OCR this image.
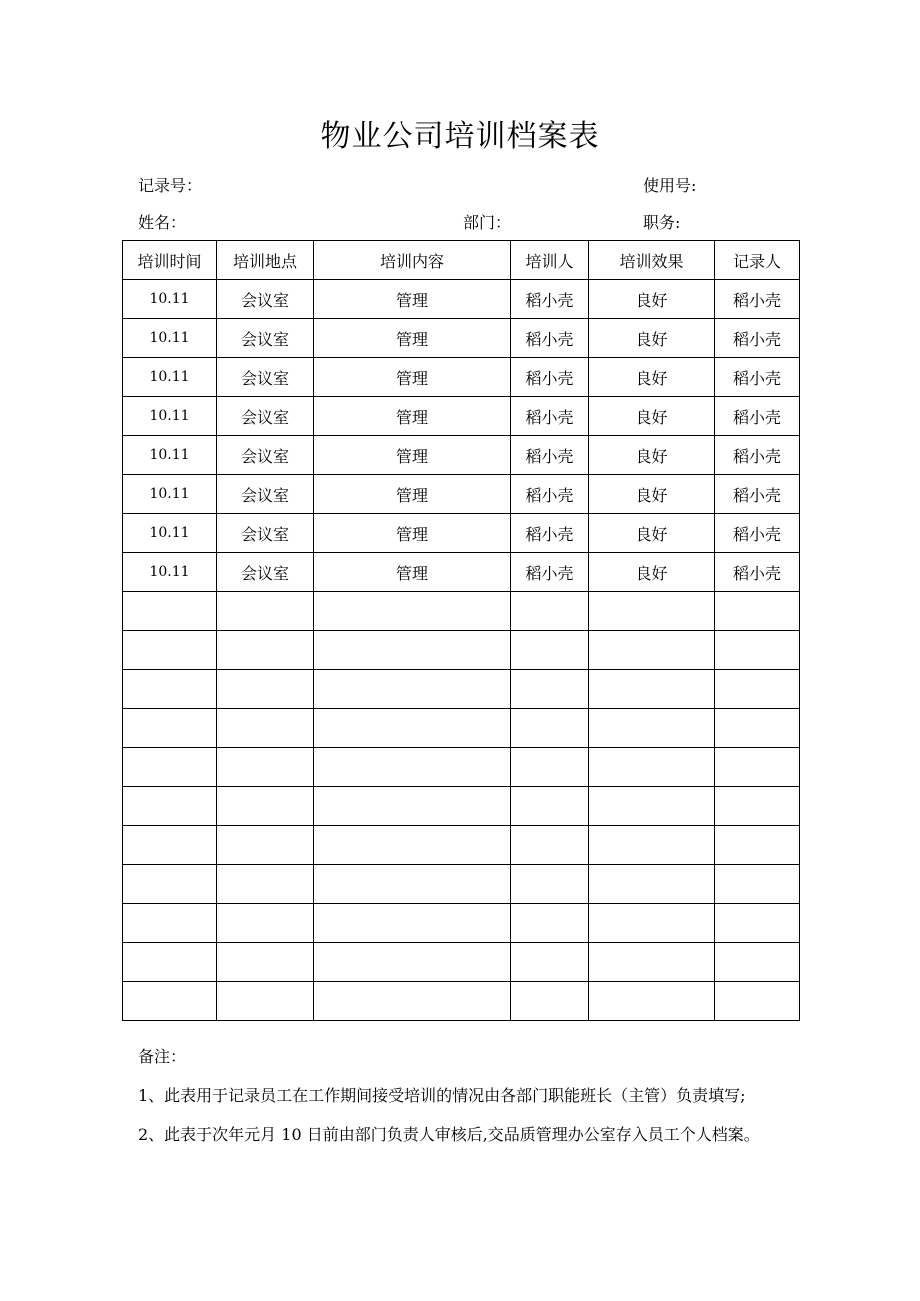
物业公司培训档案表
记录号：	使用号:
姓名：	部门：	职务:
培训时间	培训地点	培训内容	培训人	培训效果	记录人
10.11	会议室	管理	稻小壳	良好	稻小壳
10.11	会议室	管理	稻小壳	良好	稻小壳
10.11	会议室	管理	稻小壳	良好	稻小壳
10.11	会议室	管理	稻小壳	良好	稻小壳
10.11	会议室	管理	稻小壳	良好	稻小壳
10.11	会议室	管理	稻小壳	良好	稻小壳
10.11	会议室	管理	稻小壳	良好	稻小壳
10.11	会议室	管理	稻小壳	良好	稻小壳

备注：
1、此表用于记录员工在工作期间接受培训的情况由各部门职能班长（主管）负责填写;
2、此表于次年元月 10 日前由部门负责人审核后,交品质管理办公室存入员工个人档案。
